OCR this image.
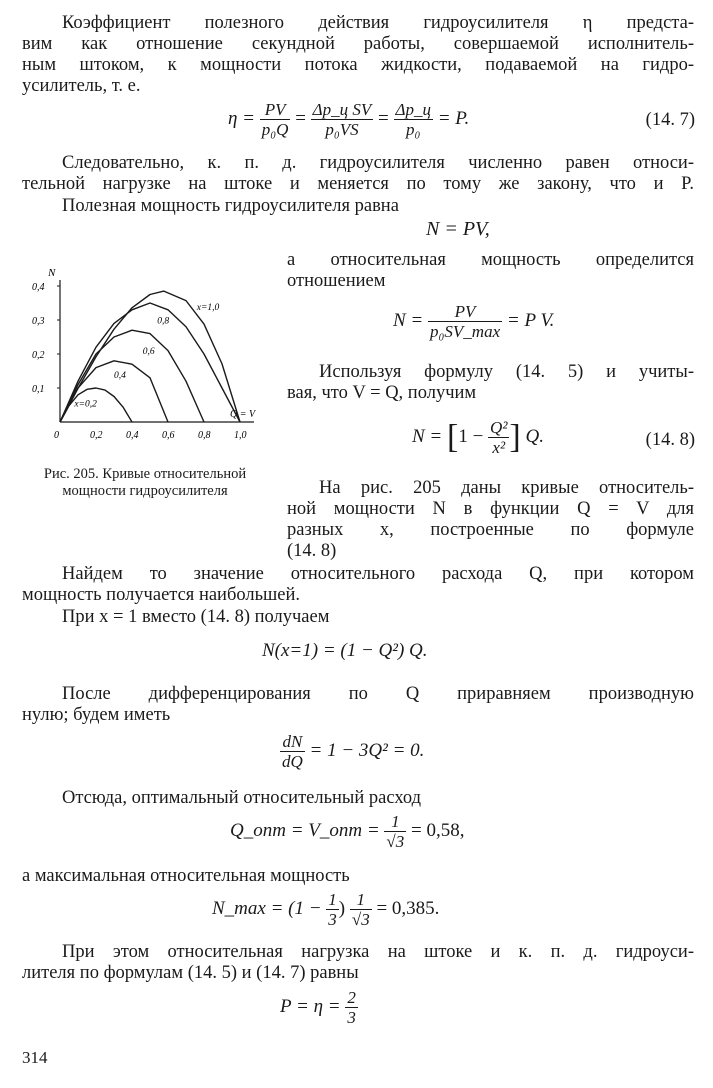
Коэффициент полезного действия гидроусилителя η предста-
вим как отношение секундной работы, совершаемой исполнитель-
ным штоком, к мощности потока жидкости, подаваемой на гидро-
усилитель, т. е.
$\eta = \frac{PV}{\text{p₀Q}} = \frac{\text{Δp\_ц SV}}{\text{p₀VS}} = \frac{\Delta p\_ц}{\text{p₀}} = P$.	(14. 7)
Следовательно, к. п. д. гидроусилителя численно равен относи-
тельной нагрузке на штоке и меняется по тому же закону, что и P.
Полезная мощность гидроусилителя равна
N = PV,
а относительная мощность определится
отношением
$N = \frac{PV}{\text{p₀SV\_max}} = P$ V.
Используя формулу (14. 5) и учиты-
вая, что V = Q, получим
$N = [1 - \frac{\text{Q²}}{\text{x²}}$ ] Q.	(14. 8)
На рис. 205 даны кривые относитель-
ной мощности N в функции Q = V для
разных x, построенные по формуле
(14. 8)
N
Q = V
0	0,2 0,4 0,6 0,8 1,0
0,1
0,2
0,3
0,4
x=0,2
0,4
0,6
0,8
x=1,0
Рис. 205. Кривые относительной мощности гидроусилителя
Найдем то значение относительного расхода Q, при котором
мощность получается наибольшей.
При x = 1 вместо (14. 8) получаем
N(x=1) = (1 − Q²) Q.
После дифференцирования по Q приравняем производную
нулю; будем иметь
$\frac{dN}{dQ} = 1 - 3Q^2 = 0$.
Отсюда, оптимальный относительный расход
Q_опт = V_опт = $\frac{1}{√3} = 0,58$,
а максимальная относительная мощность
N_max = ($1 - \frac{1}{3}$ ) $\frac{1}{√3} = 0,385$.
При этом относительная нагрузка на штоке и к. п. д. гидроуси-
лителя по формулам (14. 5) и (14. 7) равны
$P = \eta = \frac{2}{3}$
314
